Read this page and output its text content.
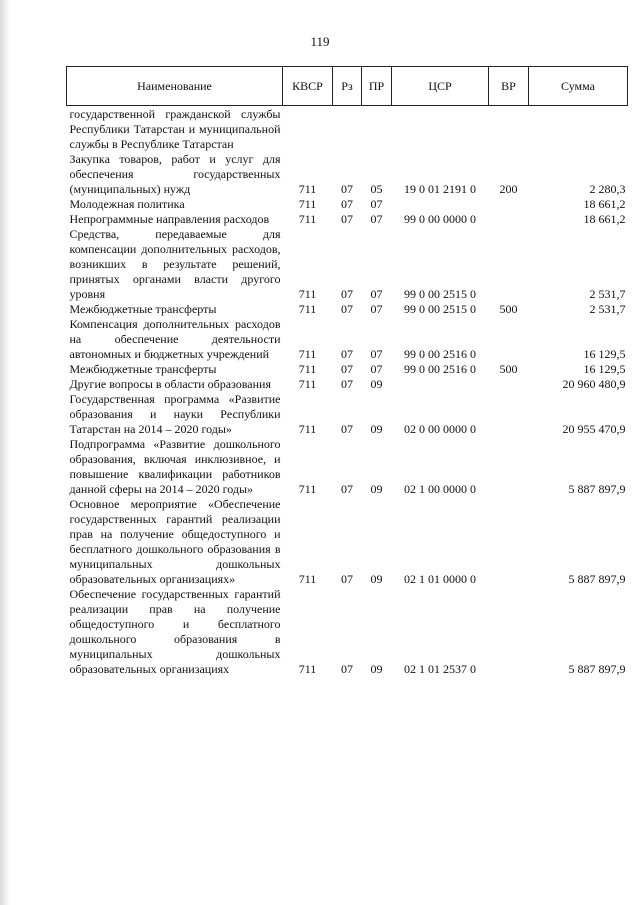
119
Наименование	КВСР	Рз	ПР	ЦСР	ВР	Сумма
государственной гражданской службы Республики Татарстан и муниципальной службы в Республике Татарстан						
Закупка товаров, работ и услуг для обеспечения государственных (муниципальных) нужд	711	07	05	19 0 01 2191 0	200	2 280,3
Молодежная политика	711	07	07			18 661,2
Непрограммные направления расходов	711	07	07	99 0 00 0000 0		18 661,2
Средства, передаваемые для компенсации дополнительных расходов, возникших в результате решений, принятых органами власти другого уровня	711	07	07	99 0 00 2515 0		2 531,7
Межбюджетные трансферты	711	07	07	99 0 00 2515 0	500	2 531,7
Компенсация дополнительных расходов на обеспечение деятельности автономных и бюджетных учреждений	711	07	07	99 0 00 2516 0		16 129,5
Межбюджетные трансферты	711	07	07	99 0 00 2516 0	500	16 129,5
Другие вопросы в области образования	711	07	09			20 960 480,9
Государственная программа «Развитие образования и науки Республики Татарстан на 2014 – 2020 годы»	711	07	09	02 0 00 0000 0		20 955 470,9
Подпрограмма «Развитие дошкольного образования, включая инклюзивное, и повышение квалификации работников данной сферы на 2014 – 2020 годы»	711	07	09	02 1 00 0000 0		5 887 897,9
Основное мероприятие «Обеспечение государственных гарантий реализации прав на получение общедоступного и бесплатного дошкольного образования в муниципальных дошкольных образовательных организациях»	711	07	09	02 1 01 0000 0		5 887 897,9
Обеспечение государственных гарантий реализации прав на получение общедоступного и бесплатного дошкольного образования в муниципальных дошкольных образовательных организациях	711	07	09	02 1 01 2537 0		5 887 897,9
